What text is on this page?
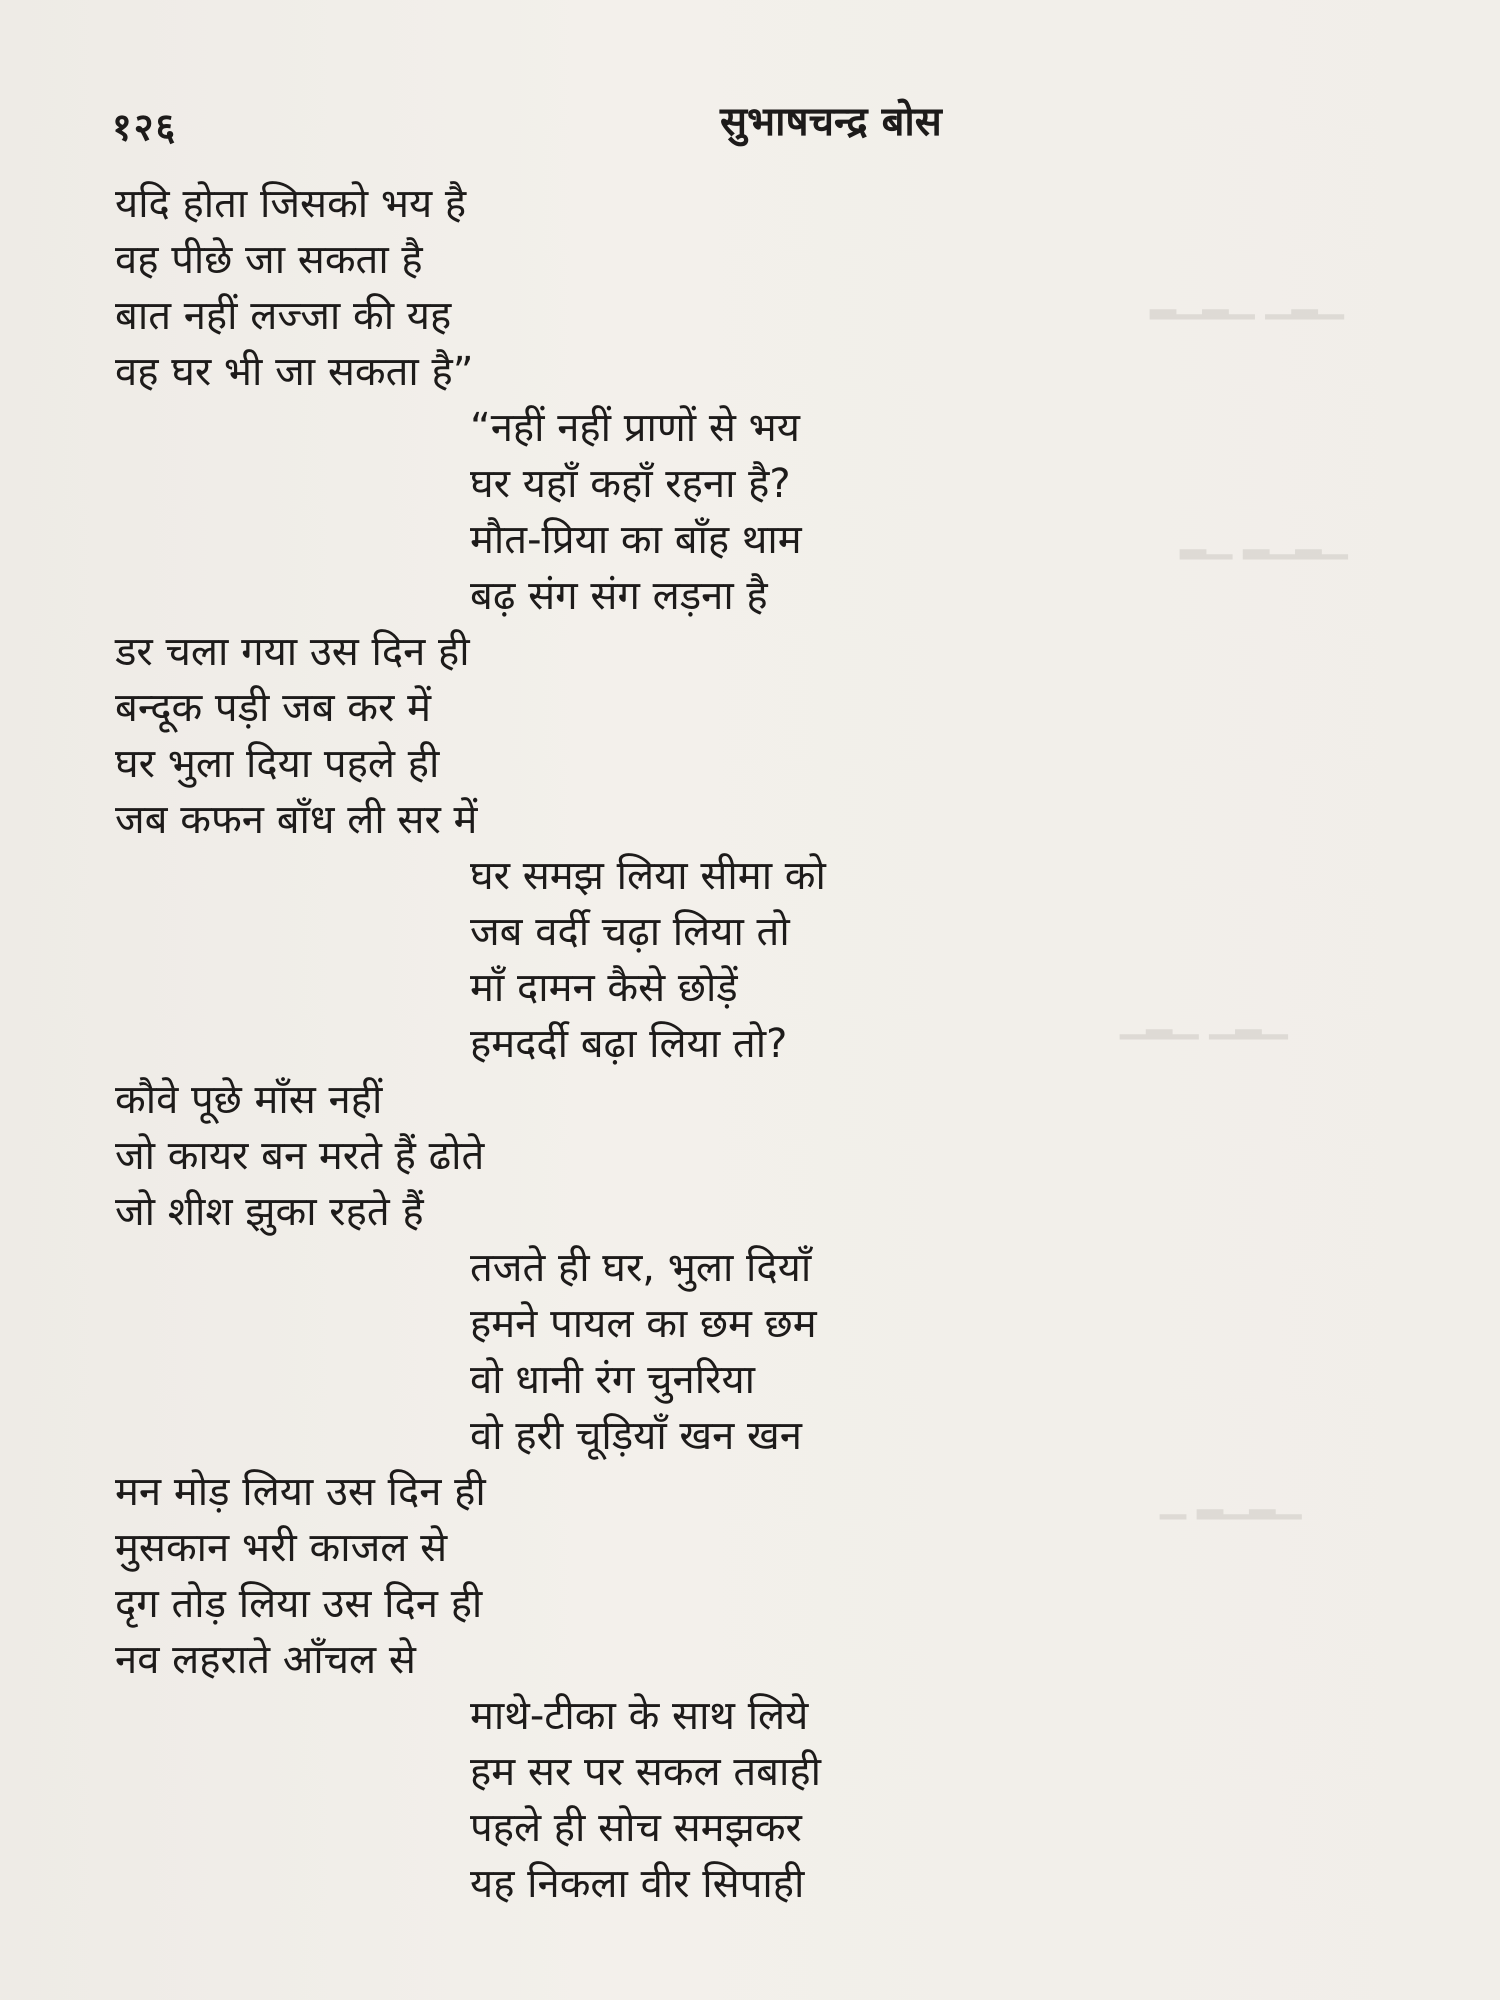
▁▂▁ ▁▂▁▂
▁▂▁▂ ▁▂
▁▂▁ ▁▂▁
▁▂▁▂ ▁
१२६	सुभाषचन्द्र बोस
यदि होता जिसको भय है
वह पीछे जा सकता है
बात नहीं लज्जा की यह
वह घर भी जा सकता है”
“नहीं नहीं प्राणों से भय
घर यहाँ कहाँ रहना है?
मौत-प्रिया का बाँह थाम
बढ़ संग संग लड़ना है
डर चला गया उस दिन ही
बन्दूक पड़ी जब कर में
घर भुला दिया पहले ही
जब कफन बाँध ली सर में
घर समझ लिया सीमा को
जब वर्दी चढ़ा लिया तो
माँ दामन कैसे छोड़ें
हमदर्दी बढ़ा लिया तो?
कौवे पूछे माँस नहीं
जो कायर बन मरते हैं ढोते
जो शीश झुका रहते हैं
तजते ही घर, भुला दियाँ
हमने पायल का छम छम
वो धानी रंग चुनरिया
वो हरी चूड़ियाँ खन खन
मन मोड़ लिया उस दिन ही
मुसकान भरी काजल से
दृग तोड़ लिया उस दिन ही
नव लहराते आँचल से
माथे-टीका के साथ लिये
हम सर पर सकल तबाही
पहले ही सोच समझकर
यह निकला वीर सिपाही
